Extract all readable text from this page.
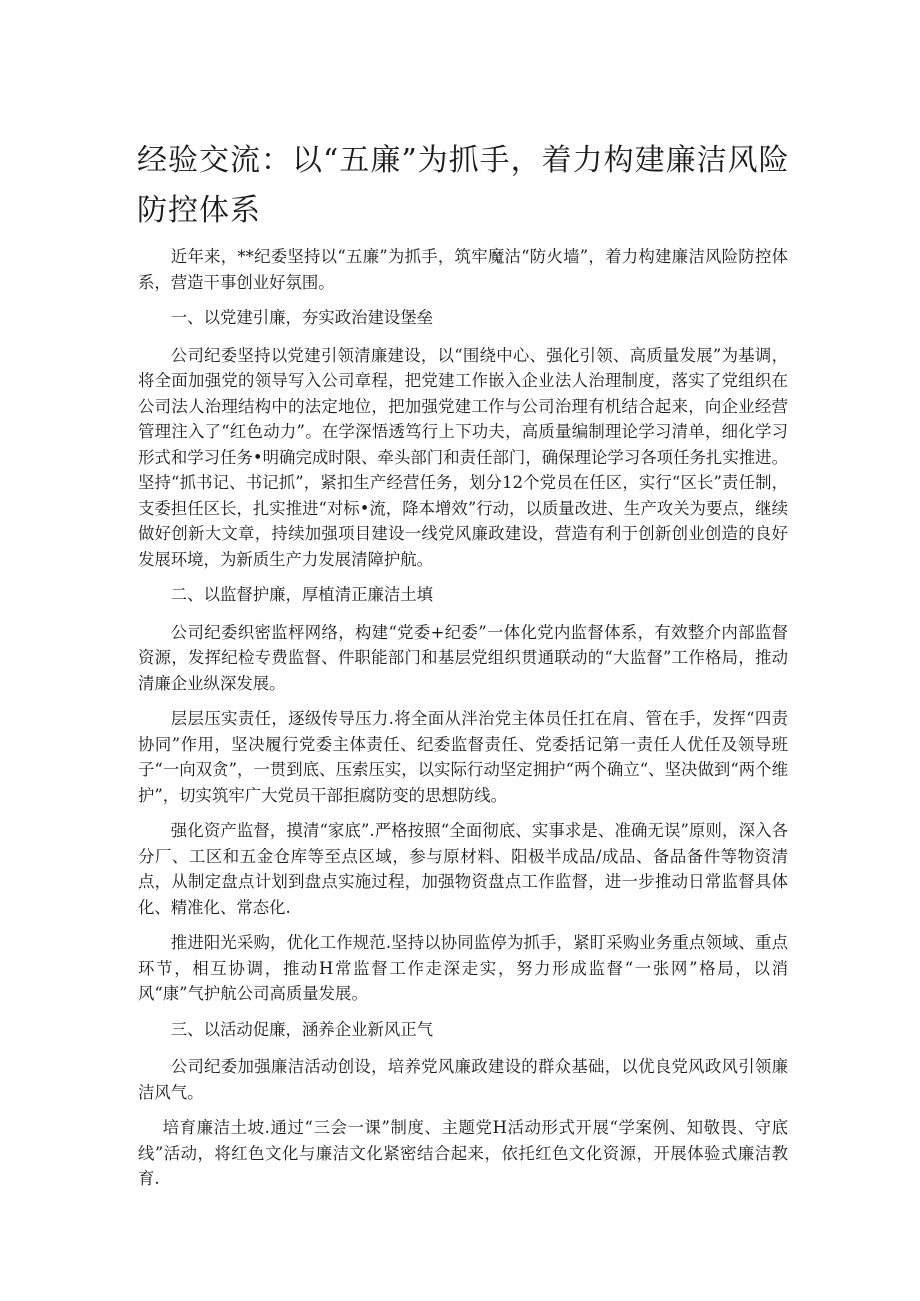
经验交流：以“五廉”为抓手，着力构建廉洁风险防控体系

近年来，**纪委坚持以“五廉”为抓手，筑牢魔沽“防火墙”，着力构建廉洁风险防控体系，营造干事创业好氛围。

一、以党建引廉，夯实政治建设堡垒

公司纪委坚持以党建引领清廉建设，以“围绕中心、强化引领、高质量发展”为基调，将全面加强党的领导写入公司章程，把党建工作嵌入企业法人治理制度，落实了党组织在公司法人治理结构中的法定地位，把加强党建工作与公司治理有机结合起来，向企业经营管理注入了“红色动力”。在学深悟透笃行上下功夫，高质量编制理论学习清单，细化学习形式和学习任务•明确完成时限、牵头部门和责任部门，确保理论学习各项任务扎实推进。坚持“抓书记、书记抓”，紧扣生产经营任务，划分12个党员在任区，实行“区长”责任制，支委担任区长，扎实推进“对标•流，降本增效”行动，以质量改进、生产攻关为要点，继续做好创新大文章，持续加强项目建设一线党风廉政建设，营造有利于创新创业创造的良好发展环境，为新质生产力发展清障护航。

二、以监督护廉，厚植清正廉洁土填

公司纪委织密监枰网络，构建“党委+纪委”一体化党内监督体系，有效整介内部监督资源，发挥纪检专费监督、件职能部门和基层党组织贯通联动的“大监督”工作格局，推动清廉企业纵深发展。

层层压实责任，逐级传导压力.将全面从泮治党主体员任扛在肩、管在手，发挥“四责协同”作用，坚决履行党委主体责任、纪委监督责任、党委括记第一责任人优任及领导班子“一向双贪”，一贯到底、压索压实，以实际行动坚定拥护“两个确立“、坚决做到“两个维护”，切实筑牢广大党员干部拒腐防变的思想防线。

强化资产监督，摸清“家底”.严格按照“全面彻底、实事求是、准确无误”原则，深入各分厂、工区和五金仓库等至点区域，参与原材料、阳极半成品/成品、备品备件等物资清点，从制定盘点计划到盘点实施过程，加强物资盘点工作监督，进一步推动日常监督具体化、精准化、常态化.

推进阳光采购，优化工作规范.坚持以协同监停为抓手，紧盯采购业务重点领域、重点环节，相互协调，推动H常监督工作走深走实，努力形成监督“一张网”格局，以消风“康”气护航公司高质量发展。

三、以活动促廉，涵养企业新风正气

公司纪委加强廉洁活动创设，培养党风廉政建设的群众基础，以优良党风政风引领廉洁风气。

培育廉洁土坡.通过“三会一课”制度、主题党H活动形式开展“学案例、知敬畏、守底线”活动，将红色文化与廉洁文化紧密结合起来，依托红色文化资源，开展体验式廉洁教育.
